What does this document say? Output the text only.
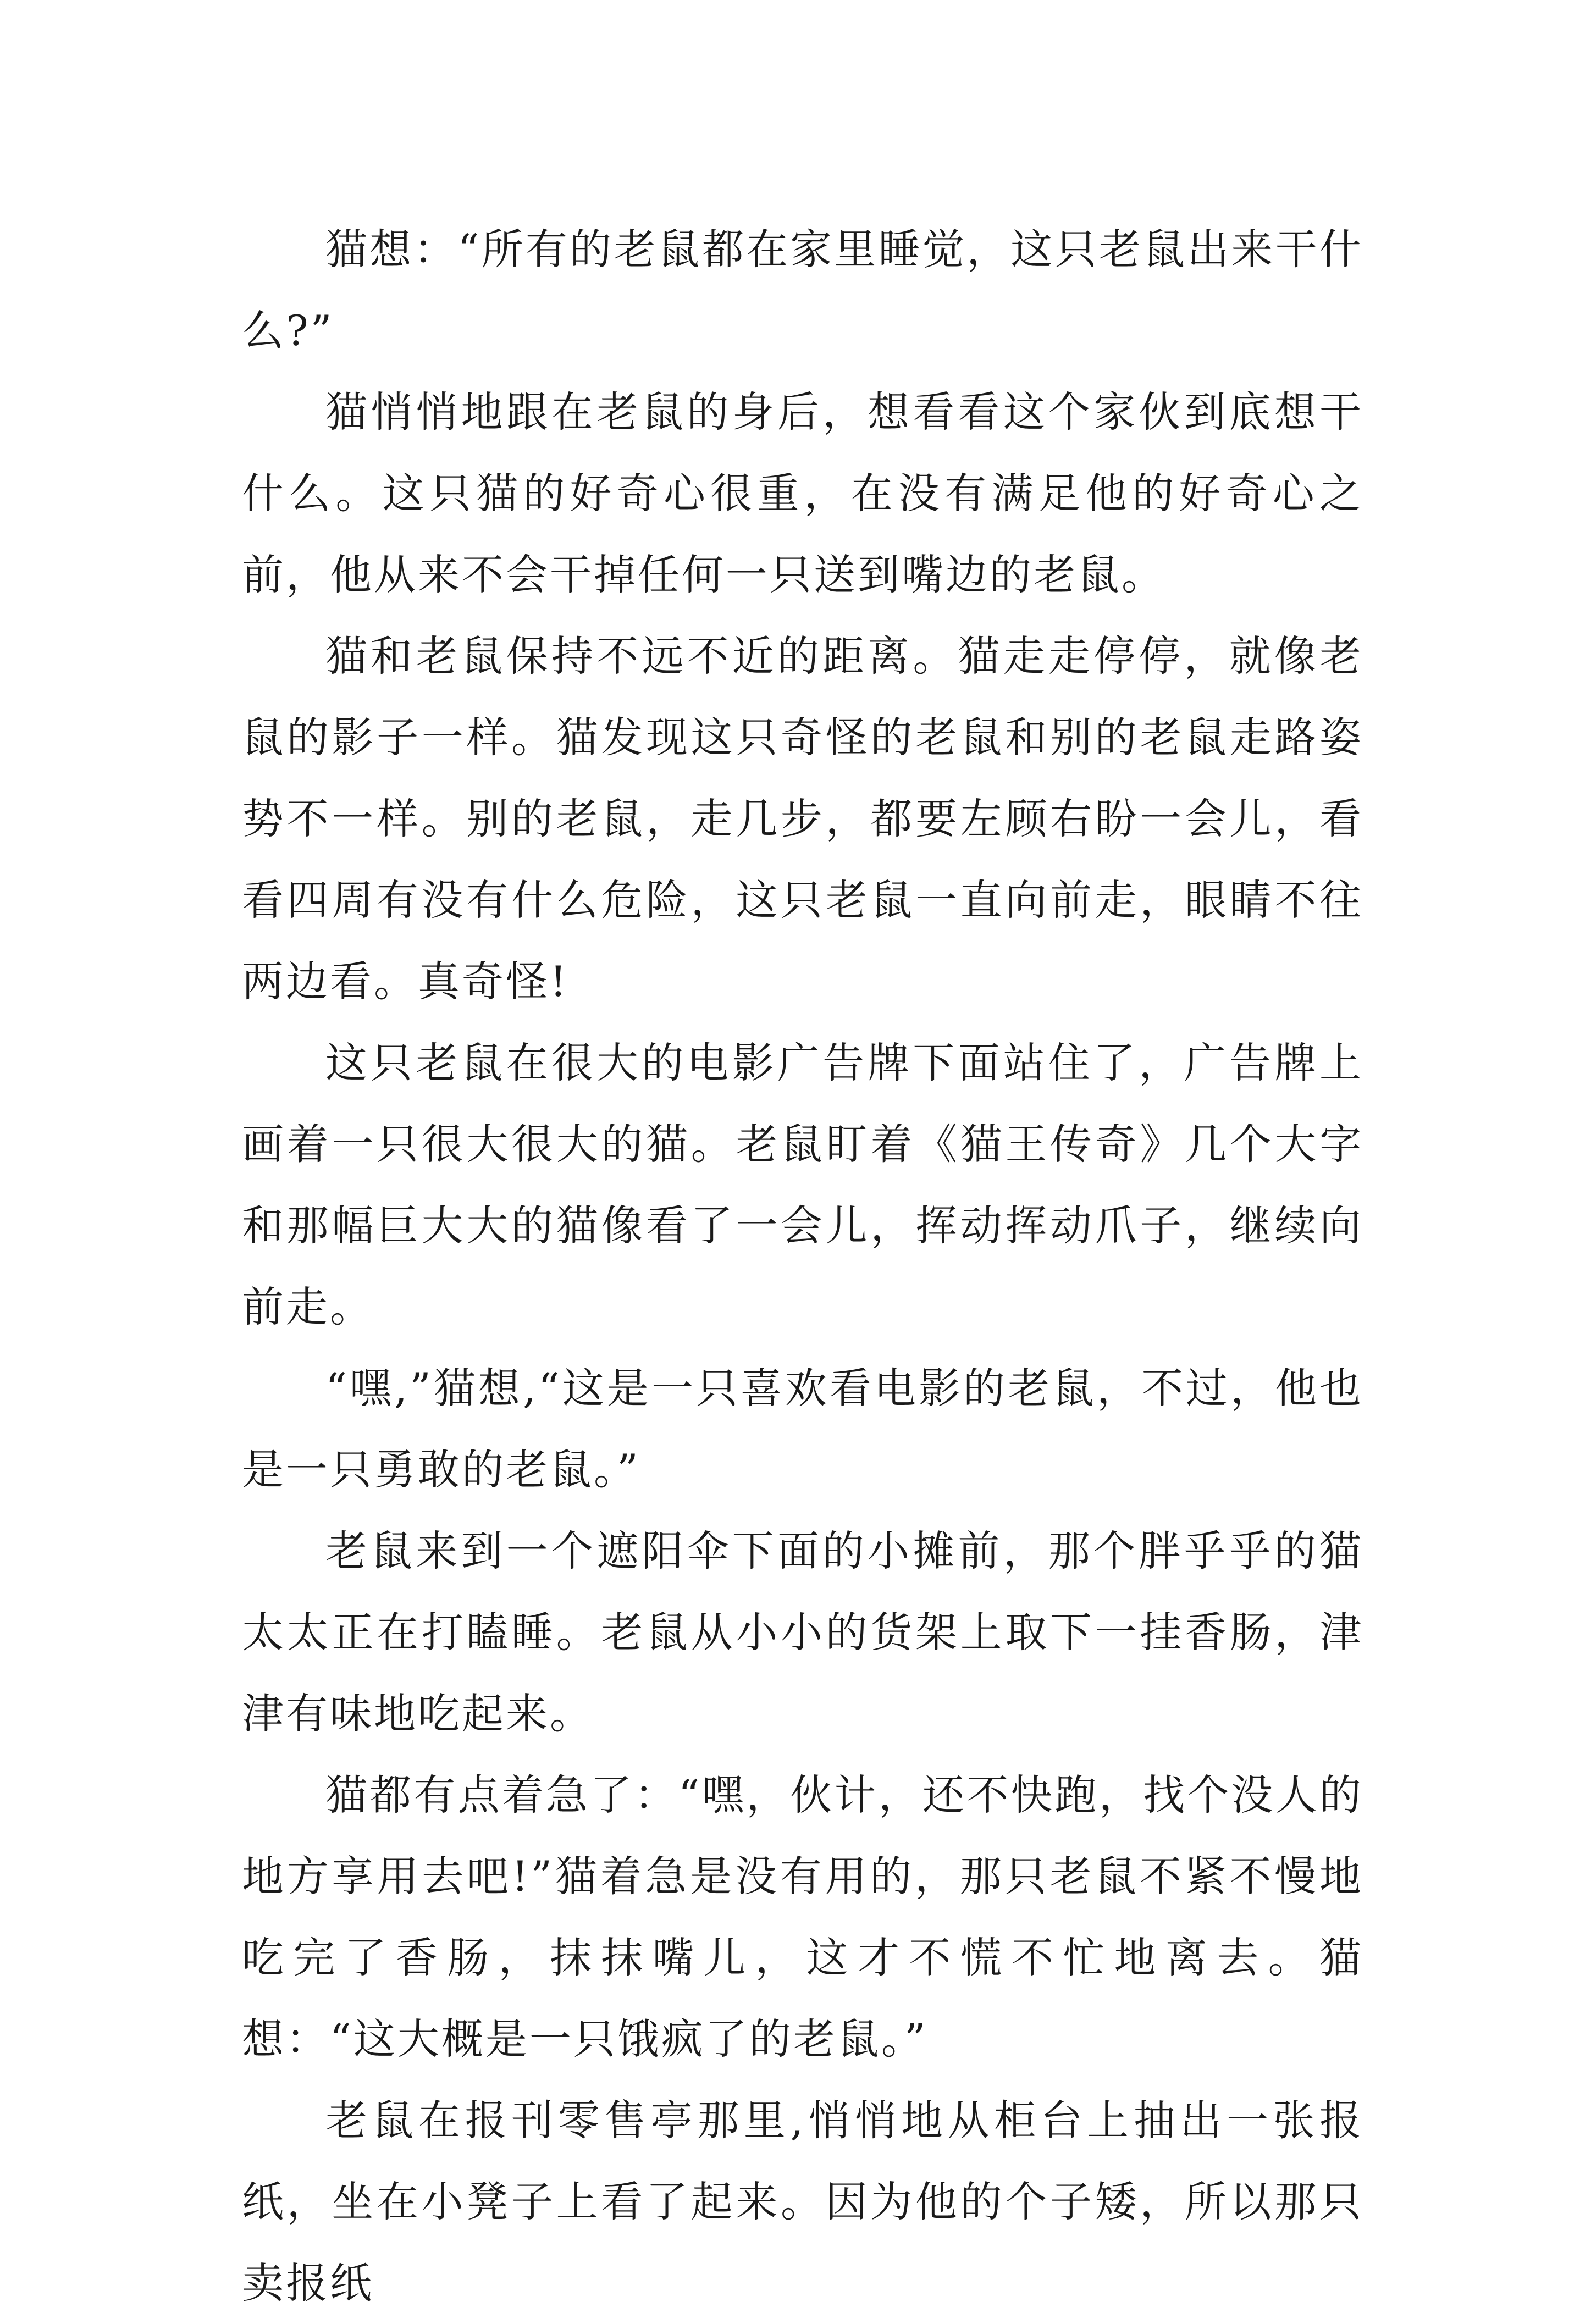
猫想：“所有的老鼠都在家里睡觉，这只老鼠出来干什么?”

猫悄悄地跟在老鼠的身后，想看看这个家伙到底想干什么。这只猫的好奇心很重，在没有满足他的好奇心之前，他从来不会干掉任何一只送到嘴边的老鼠。

猫和老鼠保持不远不近的距离。猫走走停停，就像老鼠的影子一样。猫发现这只奇怪的老鼠和别的老鼠走路姿势不一样。别的老鼠，走几步，都要左顾右盼一会儿，看看四周有没有什么危险，这只老鼠一直向前走，眼睛不往两边看。真奇怪!

这只老鼠在很大的电影广告牌下面站住了，广告牌上画着一只很大很大的猫。老鼠盯着《猫王传奇》几个大字和那幅巨大大的猫像看了一会儿，挥动挥动爪子，继续向前走。

“嘿,”猫想,“这是一只喜欢看电影的老鼠，不过，他也是一只勇敢的老鼠。”

老鼠来到一个遮阳伞下面的小摊前，那个胖乎乎的猫太太正在打瞌睡。老鼠从小小的货架上取下一挂香肠，津津有味地吃起来。

猫都有点着急了：“嘿，伙计，还不快跑，找个没人的地方享用去吧!”猫着急是没有用的，那只老鼠不紧不慢地吃完了香肠，抹抹嘴儿，这才不慌不忙地离去。猫想：“这大概是一只饿疯了的老鼠。”

老鼠在报刊零售亭那里,悄悄地从柜台上抽出一张报纸，坐在小凳子上看了起来。因为他的个子矮，所以那只卖报纸
